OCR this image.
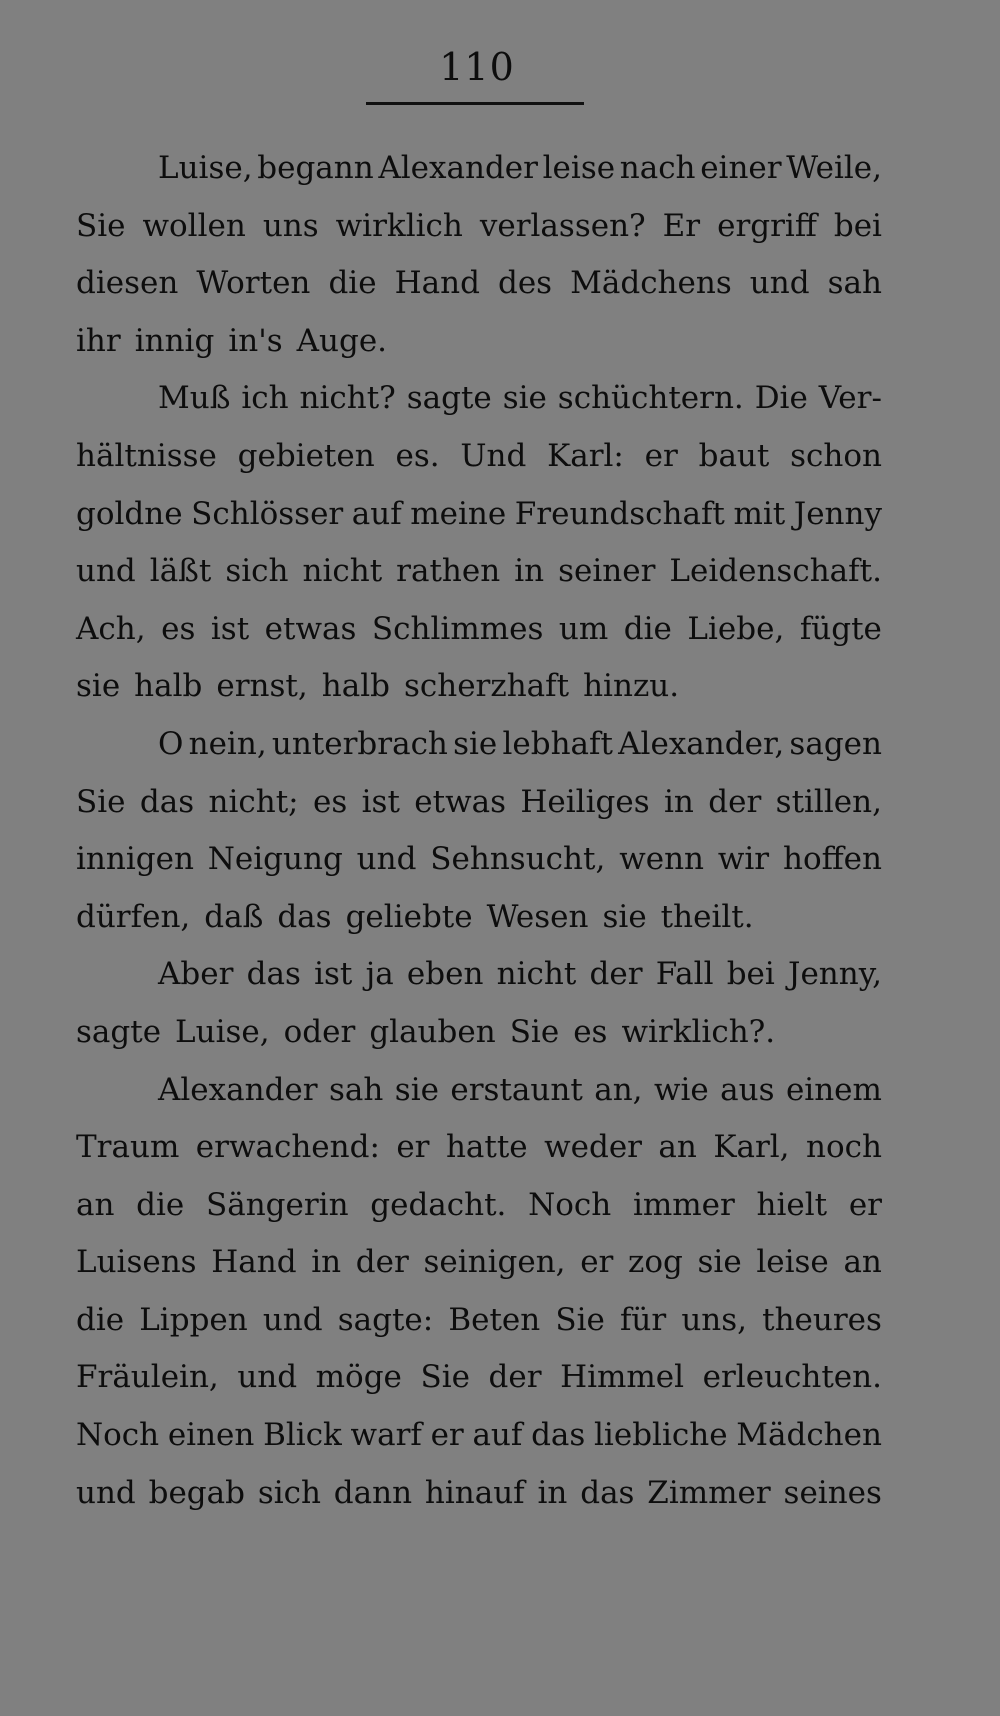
110
Luise, begann Alexander leise nach einer Weile,
Sie wollen uns wirklich verlassen? Er ergriff bei
diesen Worten die Hand des Mädchens und sah
ihr innig in's Auge.
Muß ich nicht? sagte sie schüchtern. Die Ver-
hältnisse gebieten es. Und Karl: er baut schon
goldne Schlösser auf meine Freundschaft mit Jenny
und läßt sich nicht rathen in seiner Leidenschaft.
Ach, es ist etwas Schlimmes um die Liebe, fügte
sie halb ernst, halb scherzhaft hinzu.
O nein, unterbrach sie lebhaft Alexander, sagen
Sie das nicht; es ist etwas Heiliges in der stillen,
innigen Neigung und Sehnsucht, wenn wir hoffen
dürfen, daß das geliebte Wesen sie theilt.
Aber das ist ja eben nicht der Fall bei Jenny,
sagte Luise, oder glauben Sie es wirklich?.
Alexander sah sie erstaunt an, wie aus einem
Traum erwachend: er hatte weder an Karl, noch
an die Sängerin gedacht. Noch immer hielt er
Luisens Hand in der seinigen, er zog sie leise an
die Lippen und sagte: Beten Sie für uns, theures
Fräulein, und möge Sie der Himmel erleuchten.
Noch einen Blick warf er auf das liebliche Mädchen
und begab sich dann hinauf in das Zimmer seines
